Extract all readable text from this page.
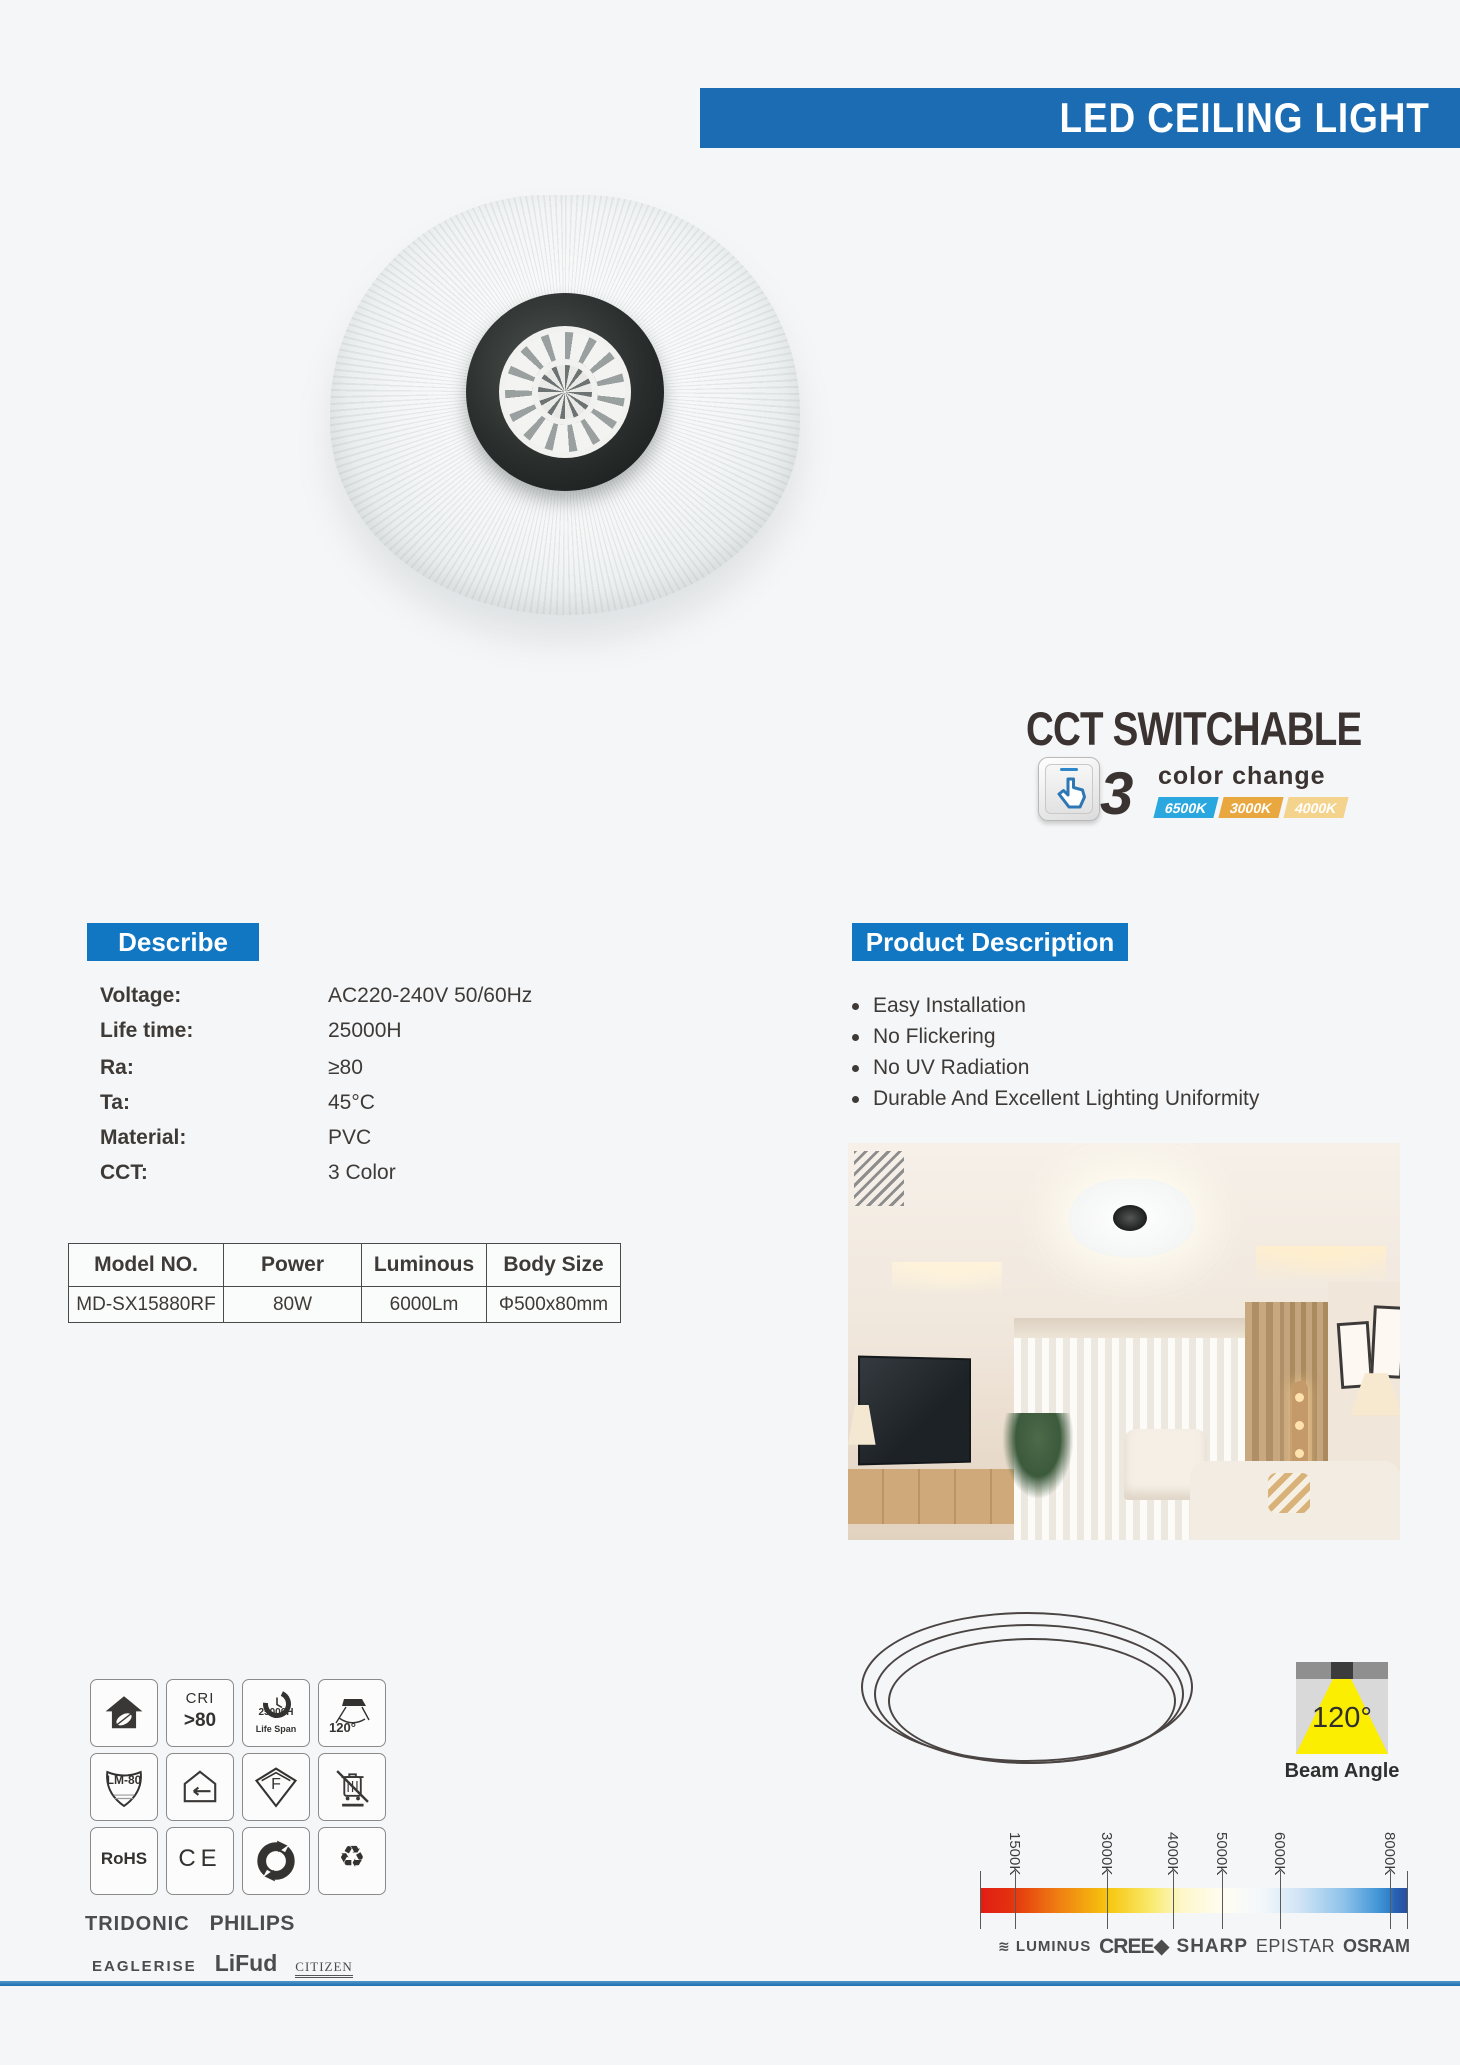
LED CEILING LIGHT
CCT SWITCHABLE
3 color change
6500K	3000K	4000K
Describe
Voltage:	AC220-240V 50/60Hz
Life time:	25000H
Ra:	≥80
Ta:	45°C
Material:	PVC
CCT:	3 Color
Model NO.	Power	Luminous	Body Size
MD-SX15880RF	80W	6000Lm	Φ500x80mm
Product Description
Easy Installation
No Flickering
No UV Radiation
Durable And Excellent Lighting Uniformity
CRI
>80	25000H
Life Span	120°
LM-80	F
RoHS	CE	♻
TRIDONIC PHILIPS
EAGLERISE LiFud CITIZEN
120°
Beam Angle
1500K	3000K	4000K 5000K	6000K	8000K
≋ LUMINUS CREE◆ SHARP EPISTAR OSRAM
